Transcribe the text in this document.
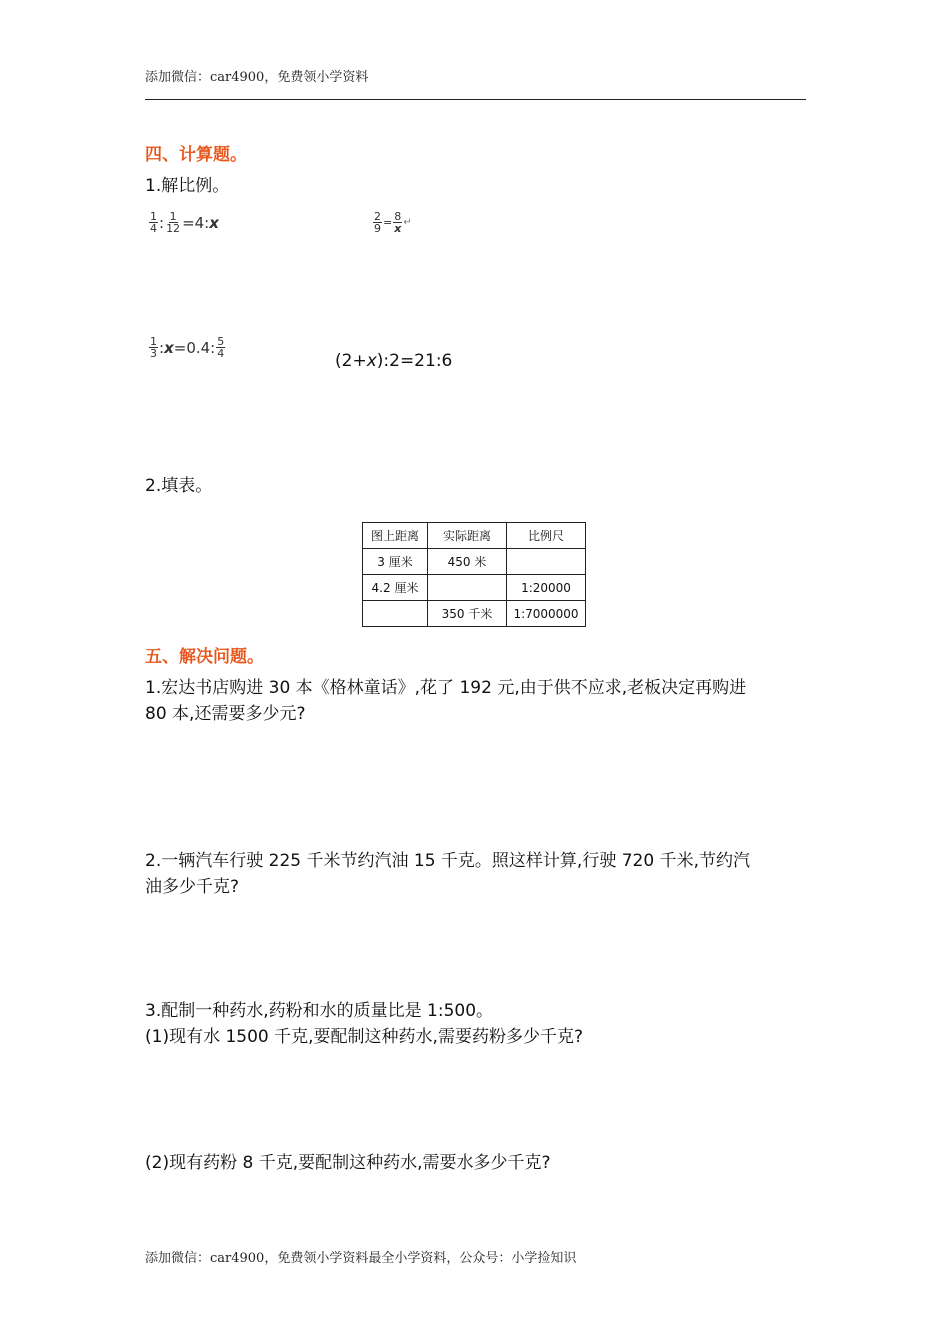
添加微信：car4900，免费领小学资料
四、计算题。
1.解比例。
$\frac{1}{4}$ : $\frac{1}{12} =4$: x	$\frac{2}{9} = \frac{8}{x}$ ↵
$\frac{1}{3}$ : x =0.4: $\frac{5}{4}$
(2+x):2=21:6
2.填表。
图上距离	实际距离	比例尺
3 厘米	450 米	
4.2 厘米		1:20000
	350 千米	1:7000000
五、解决问题。
1.宏达书店购进 30 本《格林童话》,花了 192 元,由于供不应求,老板决定再购进
80 本,还需要多少元?
2.一辆汽车行驶 225 千米节约汽油 15 千克。照这样计算,行驶 720 千米,节约汽
油多少千克?
3.配制一种药水,药粉和水的质量比是 1:500。
(1)现有水 1500 千克,要配制这种药水,需要药粉多少千克?
(2)现有药粉 8 千克,要配制这种药水,需要水多少千克?
添加微信：car4900，免费领小学资料最全小学资料，公众号：小学捡知识
